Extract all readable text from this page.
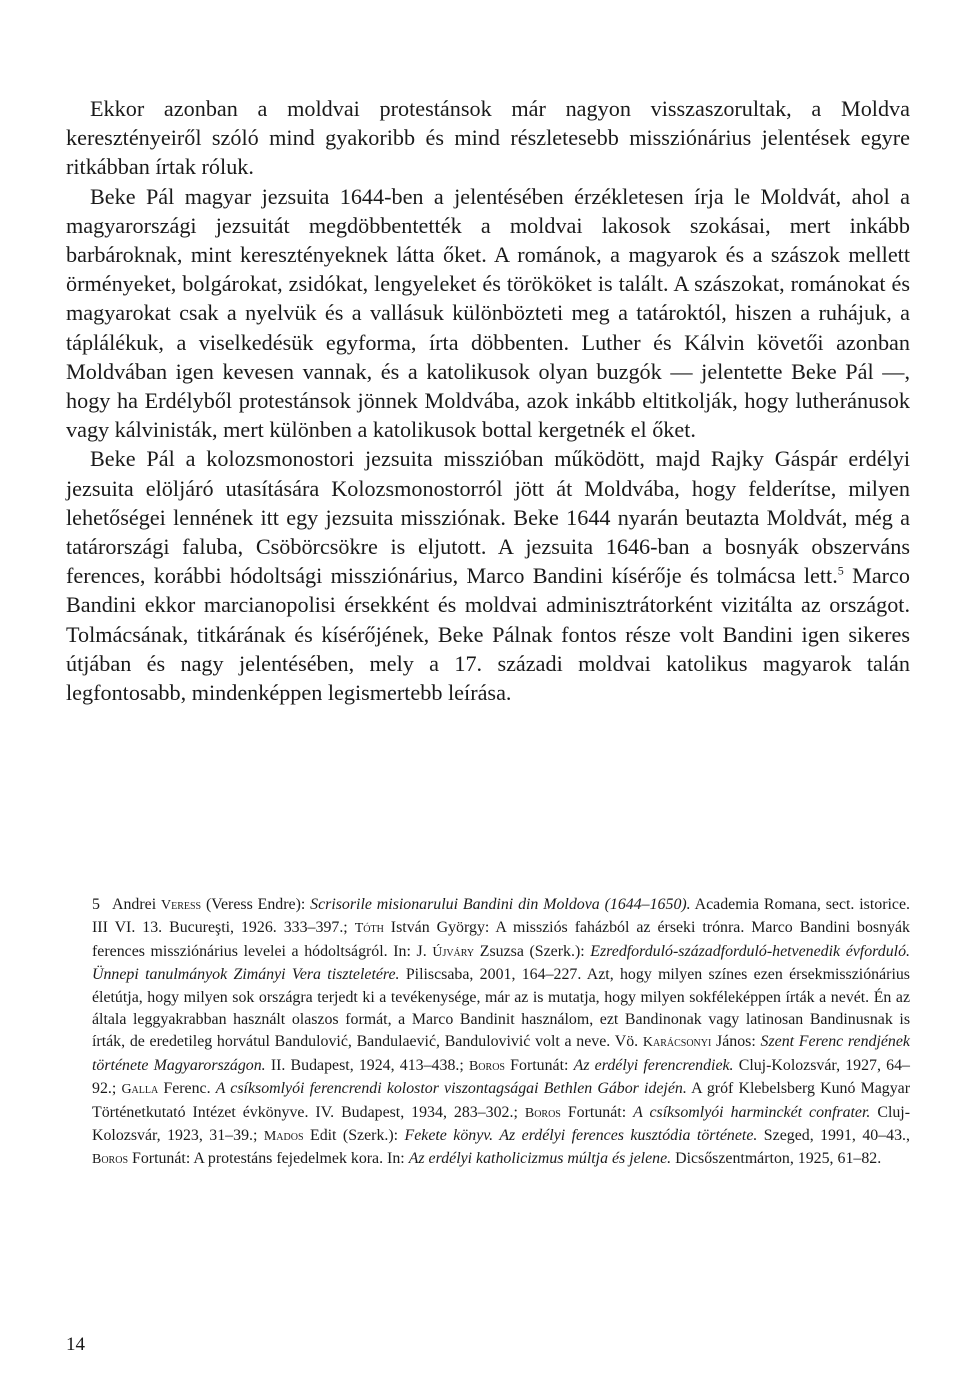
Ekkor azonban a moldvai protestánsok már nagyon visszaszorultak, a Moldva keresztényeiről szóló mind gyakoribb és mind részletesebb missziónárius jelentések egyre ritkábban írtak róluk.

Beke Pál magyar jezsuita 1644-ben a jelentésében érzékletesen írja le Moldvát, ahol a magyarországi jezsuitát megdöbbentették a moldvai lakosok szokásai, mert inkább barbároknak, mint keresztényeknek látta őket. A románok, a magyarok és a szászok mellett örményeket, bolgárokat, zsidókat, lengyeleket és törököket is talált. A szászokat, románokat és magyarokat csak a nyelvük és a vallásuk különbözteti meg a tatároktól, hiszen a ruhájuk, a táplálékuk, a viselkedésük egyforma, írta döbbenten. Luther és Kálvin követői azonban Moldvában igen kevesen vannak, és a katolikusok olyan buzgók — jelentette Beke Pál —, hogy ha Erdélyből protestánsok jönnek Moldvába, azok inkább eltitkolják, hogy lutheránusok vagy kálvinisták, mert különben a katolikusok bottal kergetnék el őket.

Beke Pál a kolozsmonostori jezsuita misszióban működött, majd Rajky Gáspár erdélyi jezsuita elöljáró utasítására Kolozsmonostorról jött át Moldvába, hogy felderítse, milyen lehetőségei lennének itt egy jezsuita missziónak. Beke 1644 nyarán beutazta Moldvát, még a tatárországi faluba, Csöbörcsökre is eljutott. A jezsuita 1646-ban a bosnyák obszerváns ferences, korábbi hódoltsági missziónárius, Marco Bandini kísérője és tolmácsa lett.$^5$ Marco Bandini ekkor marcianopolisi érsekként és moldvai adminisztrátorként vizitálta az országot. Tolmácsának, titkárának és kísérőjének, Beke Pálnak fontos része volt Bandini igen sikeres útjában és nagy jelentésében, mely a 17. századi moldvai katolikus magyarok talán legfontosabb, mindenképpen legismertebb leírása.

5 Andrei Veress (Veress Endre): Scrisorile misionarului Bandini din Moldova (1644–1650). Academia Romana, sect. istorice. III VI. 13. Bucureşti, 1926. 333–397.; Tóth István György: A missziós faházból az érseki trónra. Marco Bandini bosnyák ferences missziónárius levelei a hódoltságról. In: J. Újváry Zsuzsa (Szerk.): Ezredforduló-századforduló-hetvenedik évforduló. Ünnepi tanulmányok Zimányi Vera tiszteletére. Piliscsaba, 2001, 164–227. Azt, hogy milyen színes ezen érsekmissziónárius életútja, hogy milyen sok országra terjedt ki a tevékenysége, már az is mutatja, hogy milyen sokféleképpen írták a nevét. Én az általa leggyakrabban használt olaszos formát, a Marco Bandinit használom, ezt Bandinonak vagy latinosan Bandinusnak is írták, de eredetileg horvátul Bandulović, Bandulaević, Bandulovivić volt a neve. Vö. Karácsonyi János: Szent Ferenc rendjének története Magyarországon. II. Budapest, 1924, 413–438.; Boros Fortunát: Az erdélyi ferencrendiek. Cluj-Kolozsvár, 1927, 64–92.; Galla Ferenc. A csíksomlyói ferencrendi kolostor viszontagságai Bethlen Gábor idején. A gróf Klebelsberg Kunó Magyar Történetkutató Intézet évkönyve. IV. Budapest, 1934, 283–302.; Boros Fortunát: A csíksomlyói harminckét confrater. Cluj-Kolozsvár, 1923, 31–39.; Mados Edit (Szerk.): Fekete könyv. Az erdélyi ferences kusztódia története. Szeged, 1991, 40–43., Boros Fortunát: A protestáns fejedelmek kora. In: Az erdélyi katholicizmus múltja és jelene. Dicsőszentmárton, 1925, 61–82.

14
